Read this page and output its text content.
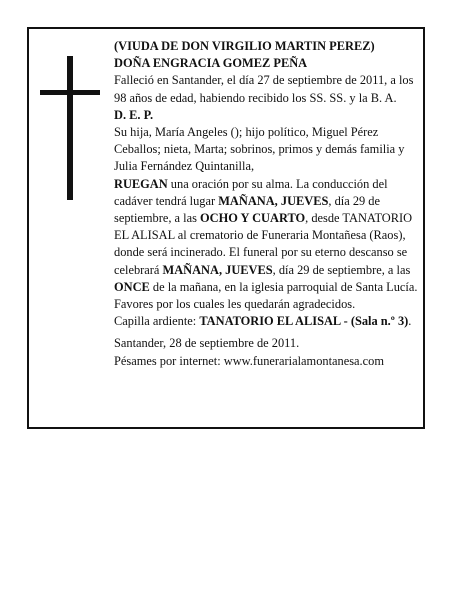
(VIUDA DE DON VIRGILIO MARTIN PEREZ)

DOÑA ENGRACIA GOMEZ PEÑA

Falleció en Santander, el día 27 de septiembre de 2011, a los 98 años de edad, habiendo recibido los SS. SS. y la B. A.

D. E. P.

Su hija, María Angeles (); hijo político, Miguel Pérez Ceballos; nieta, Marta; sobrinos, primos y demás familia y Julia Fernández Quintanilla,

RUEGAN una oración por su alma. La conducción del cadáver tendrá lugar MAÑANA, JUEVES, día 29 de septiembre, a las OCHO Y CUARTO, desde TANATORIO EL ALISAL al crematorio de Funeraria Montañesa (Raos), donde será incinerado. El funeral por su eterno descanso se celebrará MAÑANA, JUEVES, día 29 de septiembre, a las ONCE de la mañana, en la iglesia parroquial de Santa Lucía.

Favores por los cuales les quedarán agradecidos.

Capilla ardiente: TANATORIO EL ALISAL - (Sala n.º 3).

Santander, 28 de septiembre de 2011.

Pésames por internet: www.funerarialamontanesa.com
